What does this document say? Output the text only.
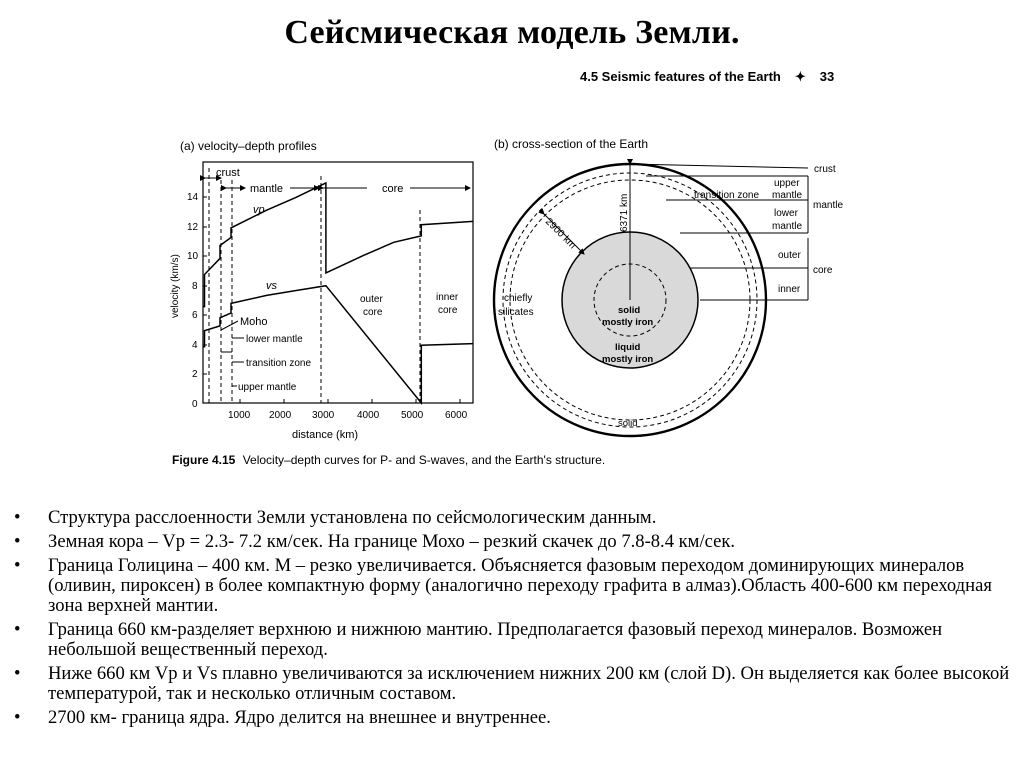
Сейсмическая модель Земли.
4.5 Seismic features of the Earth ✦ 33
(a) velocity–depth profiles
velocity (km/s)
distance (km)
0
2
4
6
8
10
12
14
1000 2000 3000 4000 5000 6000
crust
mantle	core
vp
vs
Moho
outer
core
inner
core
lower mantle
transition zone
upper mantle
(b) cross-section of the Earth
6371 km
2900 km
chiefly
silicates	solid
mostly iron
liquid
mostly iron
solid
crust
upper
mantle
transition zone
lower
mantle
mantle
outer
core
inner
Figure 4.15 Velocity–depth curves for P- and S-waves, and the Earth's structure.
• Структура расслоенности Земли установлена по сейсмологическим данным.
• Земная кора – Vp = 2.3- 7.2 км/сек. На границе Мохо – резкий скачек до 7.8-8.4 км/сек.
• Граница Голицина – 400 км. М – резко увеличивается. Объясняется фазовым переходом доминирующих минералов (оливин, пироксен) в более компактную форму (аналогично переходу графита в алмаз).Область 400-600 км переходная зона верхней мантии.
• Граница 660 км-разделяет верхнюю и нижнюю мантию. Предполагается фазовый переход минералов. Возможен небольшой вещественный переход.
• Ниже 660 км Vp и Vs плавно увеличиваются за исключением нижних 200 км (слой D). Он выделяется как более высокой температурой, так и несколько отличным составом.
• 2700 км- граница ядра. Ядро делится на внешнее и внутреннее.
